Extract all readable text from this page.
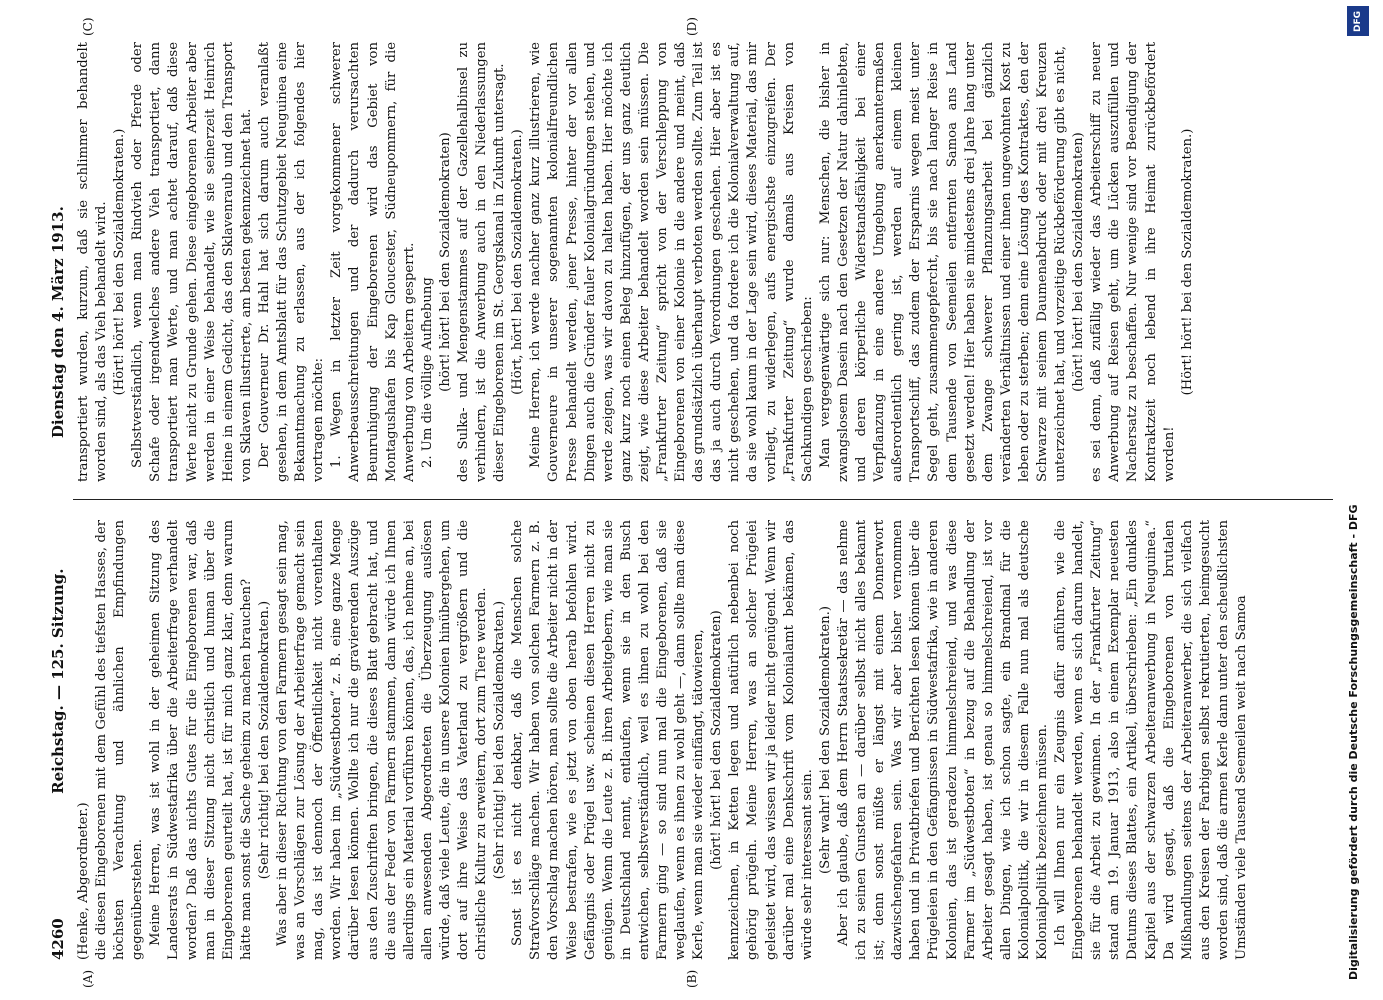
4260
Reichstag. — 125. Sitzung.  Dienstag den 4. März 1913.

(Henke, Abgeordneter.) die diesen Eingeborenen mit dem Gefühl des tiefsten Hasses, der höchsten Verachtung und ähnlichen Empfindungen gegenüberstehen. Meine Herren, was ist wohl in der geheimen Sitzung des Landesrats in Südwestafrika über die Arbeiterfrage verhandelt worden? Daß das nichts Gutes für die Eingeborenen war, daß man in dieser Sitzung nicht christlich und human über die Eingeborenen geurteilt hat, ist für mich ganz klar, denn warum hätte man sonst die Sache geheim zu machen brauchen? (Sehr richtig! bei den Sozialdemokraten.) Was aber in dieser Richtung von den Farmern gesagt sein mag, was an Vorschlägen zur Lösung der Arbeiterfrage gemacht sein mag, das ist dennoch der Öffentlichkeit nicht vorenthalten worden. Wir haben im „Südwestboten“ z. B. eine ganze Menge darüber lesen können. Wollte ich nur die gravierenden Auszüge aus den Zuschriften bringen, die dieses Blatt gebracht hat, und die aus der Feder von Farmern stammen, dann würde ich Ihnen allerdings ein Material vorführen können, das, ich nehme an, bei allen anwesenden Abgeordneten die Überzeugung auslösen würde, daß viele Leute, die in unsere Kolonien hinübergehen, um dort auf ihre Weise das Vaterland zu vergrößern und die christliche Kultur zu erweitern, dort zum Tiere werden. (Sehr richtig! bei den Sozialdemokraten.) Sonst ist es nicht denkbar, daß die Menschen solche Strafvorschläge machen. Wir haben von solchen Farmern z. B. den Vorschlag machen hören, man sollte die Arbeiter nicht in der Weise bestrafen, wie es jetzt von oben herab befohlen wird. Gefängnis oder Prügel usw. scheinen diesen Herren nicht zu genügen. Wenn die Leute z. B. ihren Arbeitgebern, wie man sie in Deutschland nennt, entlaufen, wenn sie in den Busch entwichen, selbstverständlich, weil es ihnen zu wohl bei den Farmern ging — so sind nun mal die Eingeborenen, daß sie weglaufen, wenn es ihnen zu wohl geht —, dann sollte man diese Kerle, wenn man sie wieder einfängt, tätowieren, (hört! hört! bei den Sozialdemokraten) kennzeichnen, in Ketten legen und natürlich nebenbei noch gehörig prügeln. Meine Herren, was an solcher Prügelei geleistet wird, das wissen wir ja leider nicht genügend. Wenn wir darüber mal eine Denkschrift vom Kolonialamt bekämen, das würde sehr interessant sein. (Sehr wahr! bei den Sozialdemokraten.) Aber ich glaube, daß dem Herrn Staatssekretär — das nehme ich zu seinen Gunsten an — darüber selbst nicht alles bekannt ist; denn sonst müßte er längst mit einem Donnerwort dazwischengefahren sein. Was wir aber bisher vernommen haben und in Privatbriefen und Berichten lesen können über die Prügeleien in den Gefängnissen in Südwestafrika, wie in anderen Kolonien, das ist geradezu himmelschreiend, und was diese Farmer im „Südwestboten“ in bezug auf die Behandlung der Arbeiter gesagt haben, ist genau so himmelschreiend, ist vor allen Dingen, wie ich schon sagte, ein Brandmal für die Kolonialpolitik, die wir in diesem Falle nun mal als deutsche Kolonialpolitik bezeichnen müssen. Ich will Ihnen nur ein Zeugnis dafür anführen, wie die Eingeborenen behandelt werden, wenn es sich darum handelt, sie für die Arbeit zu gewinnen. In der „Frankfurter Zeitung“ stand am 19. Januar 1913, also in einem Exemplar neuesten Datums dieses Blattes, ein Artikel, überschrieben: „Ein dunkles Kapitel aus der schwarzen Arbeiteranwerbung in Neuguinea.“ Da wird gesagt, daß die Eingeborenen von brutalen Mißhandlungen seitens der Arbeiteranwerber, die sich vielfach aus den Kreisen der Farbigen selbst rekrutierten, heimgesucht worden sind, daß die armen Kerle dann unter den scheußlichsten Umständen viele Tausend Seemeilen weit nach Samoa

transportiert wurden, kurzum, daß sie schlimmer behandelt worden sind, als das Vieh behandelt wird. (Hört! hört! bei den Sozialdemokraten.) Selbstverständlich, wenn man Rindvieh oder Pferde oder Schafe oder irgendwelches andere Vieh transportiert, dann transportiert man Werte, und man achtet darauf, daß diese Werte nicht zu Grunde gehen. Diese eingeborenen Arbeiter aber werden in einer Weise behandelt, wie sie seinerzeit Heinrich Heine in einem Gedicht, das den Sklavenraub und den Transport von Sklaven illustrierte, am besten gekennzeichnet hat. Der Gouverneur Dr. Hahl hat sich darum auch veranlaßt gesehen, in dem Amtsblatt für das Schutzgebiet Neuguinea eine Bekanntmachung zu erlassen, aus der ich folgendes hier vortragen möchte: 1. Wegen in letzter Zeit vorgekommener schwerer Anwerbeausschreitungen und der dadurch verursachten Beunruhigung der Eingeborenen wird das Gebiet von Montagushafen bis Kap Gloucester, Südneupommern, für die Anwerbung von Arbeitern gesperrt. 2. Um die völlige Aufhebung (hört! hört! bei den Sozialdemokraten) des Sulka- und Mengenstammes auf der Gazellehalbinsel zu verhindern, ist die Anwerbung auch in den Niederlassungen dieser Eingeborenen im St. Georgskanal in Zukunft untersagt. (Hört, hört! bei den Sozialdemokraten.) Meine Herren, ich werde nachher ganz kurz illustrieren, wie Gouverneure in unserer sogenannten kolonialfreundlichen Presse behandelt werden, jener Presse, hinter der vor allen Dingen auch die Gründer fauler Kolonialgründungen stehen, und werde zeigen, was wir davon zu halten haben. Hier möchte ich ganz kurz noch einen Beleg hinzufügen, der uns ganz deutlich zeigt, wie diese Arbeiter behandelt worden sein müssen. Die „Frankfurter Zeitung“ spricht von der Verschleppung von Eingeborenen von einer Kolonie in die andere und meint, daß das grundsätzlich überhaupt verboten werden sollte. Zum Teil ist das ja auch durch Verordnungen geschehen. Hier aber ist es nicht geschehen, und da fordere ich die Kolonialverwaltung auf, da sie wohl kaum in der Lage sein wird, dieses Material, das mir vorliegt, zu widerlegen, aufs energischste einzugreifen. Der „Frankfurter Zeitung“ wurde damals aus Kreisen von Sachkundigen geschrieben: Man vergegenwärtige sich nur: Menschen, die bisher in zwangslosem Dasein nach den Gesetzen der Natur dahinlebten, und deren körperliche Widerstandsfähigkeit bei einer Verpflanzung in eine andere Umgebung anerkanntermaßen außerordentlich gering ist, werden auf einem kleinen Transportschiff, das zudem der Ersparnis wegen meist unter Segel geht, zusammengepfercht, bis sie nach langer Reise in dem Tausende von Seemeilen entfernten Samoa ans Land gesetzt werden! Hier haben sie mindestens drei Jahre lang unter dem Zwange schwerer Pflanzungsarbeit bei gänzlich veränderten Verhältnissen und einer ihnen ungewohnten Kost zu leben oder zu sterben; denn eine Lösung des Kontraktes, den der Schwarze mit seinem Daumenabdruck oder mit drei Kreuzen unterzeichnet hat, und vorzeitige Rückbeförderung gibt es nicht, (hört! hört! bei den Sozialdemokraten) es sei denn, daß zufällig wieder das Arbeiterschiff zu neuer Anwerbung auf Reisen geht, um die Lücken auszufüllen und Nachersatz zu beschaffen. Nur wenige sind vor Beendigung der Kontraktzeit noch lebend in ihre Heimat zurückbefördert worden!

(Hört! hört! bei den Sozialdemokraten.)

(A)	(B)
(C)	(D)	DFG
Digitalisierung gefördert durch die Deutsche Forschungsgemeinschaft - DFG
